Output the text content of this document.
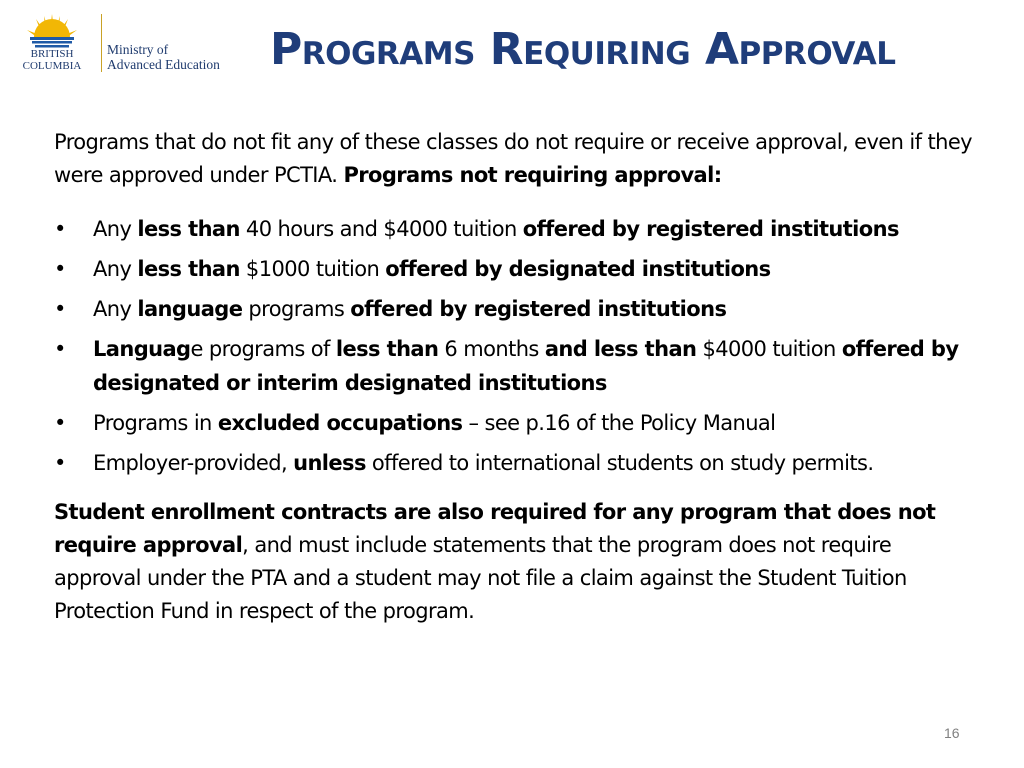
BRITISH
COLUMBIA
Ministry of
Advanced Education Programs Requiring Approval

Programs that do not fit any of these classes do not require or receive approval, even if they were approved under PCTIA. Programs not requiring approval:

• Any less than 40 hours and $4000 tuition offered by registered institutions
• Any less than $1000 tuition offered by designated institutions
• Any language programs offered by registered institutions
• Language programs of less than 6 months and less than $4000 tuition offered by designated or interim designated institutions
• Programs in excluded occupations – see p.16 of the Policy Manual
• Employer-provided, unless offered to international students on study permits.

Student enrollment contracts are also required for any program that does not require approval, and must include statements that the program does not require approval under the PTA and a student may not file a claim against the Student Tuition Protection Fund in respect of the program.

16
